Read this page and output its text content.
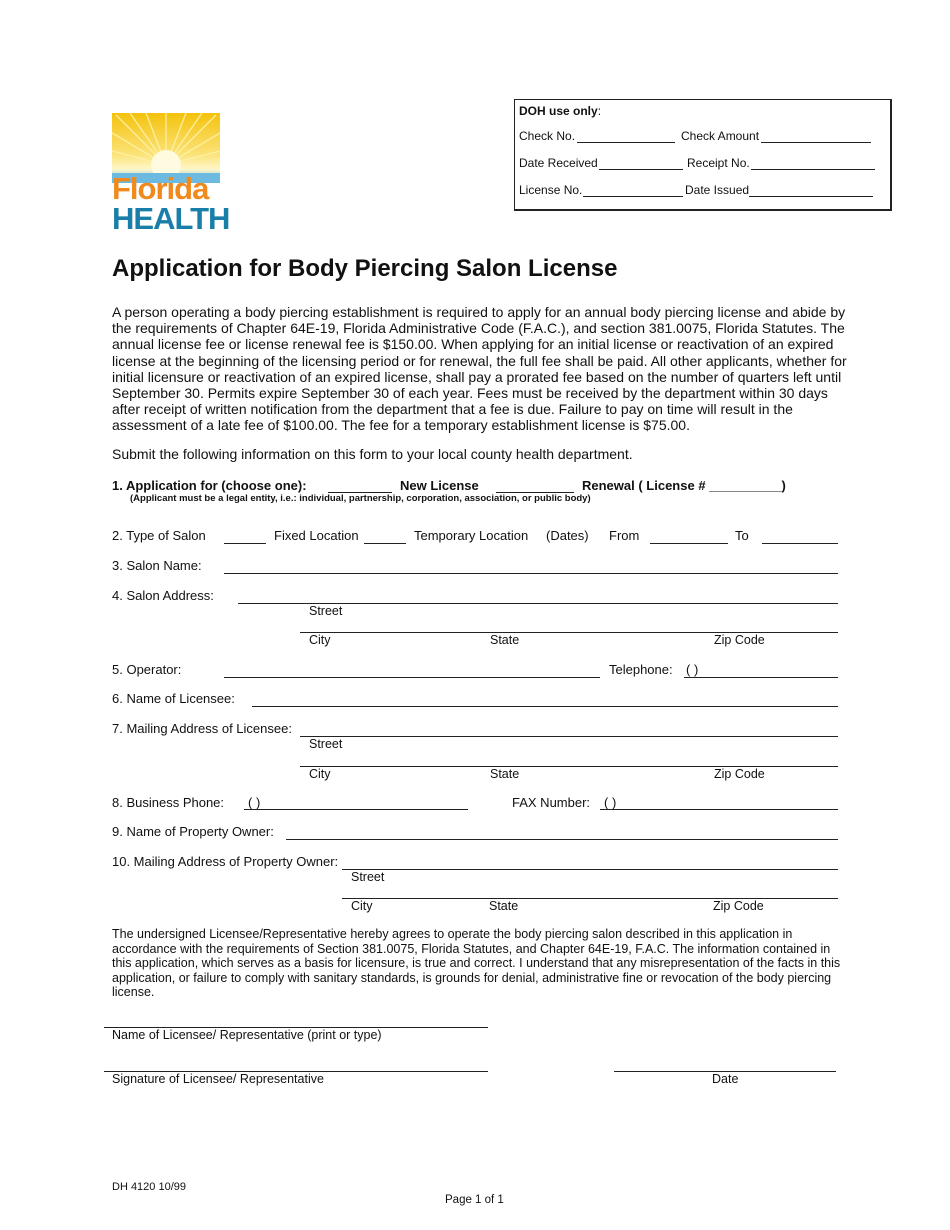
Florida
HEALTH
DOH use only:
Check No.	Check Amount
Date Received	Receipt No.
License No.	Date Issued
Application for Body Piercing Salon License
A person operating a body piercing establishment is required to apply for an annual body piercing license and abide by the requirements of Chapter 64E-19, Florida Administrative Code (F.A.C.), and section 381.0075, Florida Statutes. The annual license fee or license renewal fee is $150.00. When applying for an initial license or reactivation of an expired license at the beginning of the licensing period or for renewal, the full fee shall be paid. All other applicants, whether for initial licensure or reactivation of an expired license, shall pay a prorated fee based on the number of quarters left until September 30. Permits expire September 30 of each year. Fees must be received by the department within 30 days after receipt of written notification from the department that a fee is due. Failure to pay on time will result in the assessment of a late fee of $100.00. The fee for a temporary establishment license is $75.00.
Submit the following information on this form to your local county health department.
1. Application for (choose one):	New License	Renewal ( License # __________)
(Applicant must be a legal entity, i.e.: individual, partnership, corporation, association, or public body)
2. Type of Salon	Fixed Location	Temporary Location (Dates) From	To
3. Salon Name:
4. Salon Address:
Street
City	State	Zip Code
5. Operator:	Telephone: ( )
6. Name of Licensee:
7. Mailing Address of Licensee:
Street
City	State	Zip Code
8. Business Phone: ( )	FAX Number: ( )
9. Name of Property Owner:
10. Mailing Address of Property Owner:
Street
City	State	Zip Code
The undersigned Licensee/Representative hereby agrees to operate the body piercing salon described in this application in accordance with the requirements of Section 381.0075, Florida Statutes, and Chapter 64E-19, F.A.C. The information contained in this application, which serves as a basis for licensure, is true and correct. I understand that any misrepresentation of the facts in this application, or failure to comply with sanitary standards, is grounds for denial, administrative fine or revocation of the body piercing license.
Name of Licensee/ Representative (print or type)
Signature of Licensee/ Representative	Date
DH 4120 10/99
Page 1 of 1
